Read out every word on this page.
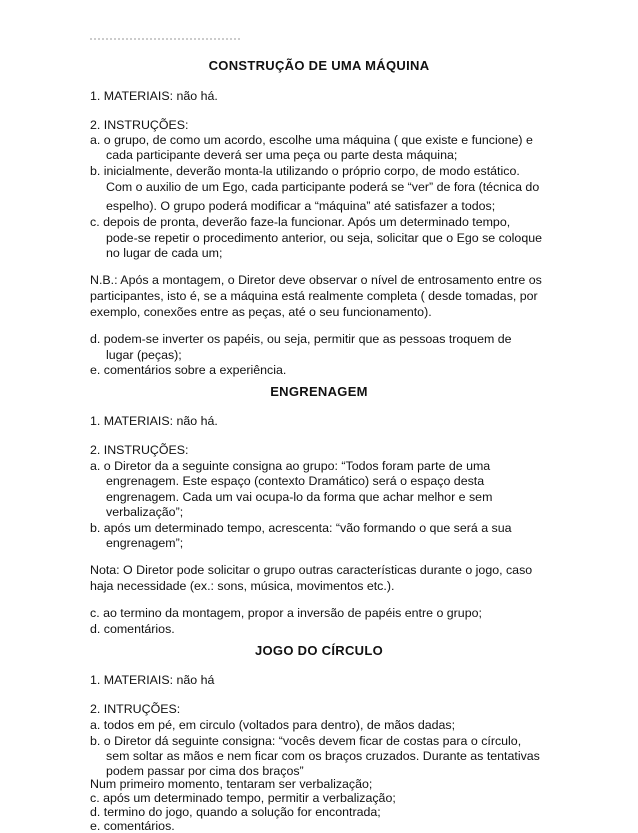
CONSTRUÇÃO DE UMA MÁQUINA
1. MATERIAIS: não há.
2. INSTRUÇÕES:
a. o grupo, de como um acordo, escolhe uma máquina ( que existe e funcione) e
cada participante deverá ser uma peça ou parte desta máquina;
b. inicialmente, deverão monta-la utilizando o próprio corpo, de modo estático.
Com o auxilio de um Ego, cada participante poderá se “ver” de fora (técnica do
espelho). O grupo poderá modificar a “máquina” até satisfazer a todos;
c. depois de pronta, deverão faze-la funcionar. Após um determinado tempo,
pode-se repetir o procedimento anterior, ou seja, solicitar que o Ego se coloque
no lugar de cada um;
N.B.: Após a montagem, o Diretor deve observar o nível de entrosamento entre os
participantes, isto é, se a máquina está realmente completa ( desde tomadas, por
exemplo, conexões entre as peças, até o seu funcionamento).
d. podem-se inverter os papéis, ou seja, permitir que as pessoas troquem de
lugar (peças);
e. comentários sobre a experiência.
ENGRENAGEM
1. MATERIAIS: não há.
2. INSTRUÇÕES:
a. o Diretor da a seguinte consigna ao grupo: “Todos foram parte de uma
engrenagem. Este espaço (contexto Dramático) será o espaço desta
engrenagem. Cada um vai ocupa-lo da forma que achar melhor e sem
verbalização”;
b. após um determinado tempo, acrescenta: “vão formando o que será a sua
engrenagem”;
Nota: O Diretor pode solicitar o grupo outras características durante o jogo, caso
haja necessidade (ex.: sons, música, movimentos etc.).
c. ao termino da montagem, propor a inversão de papéis entre o grupo;
d. comentários.
JOGO DO CÍRCULO
1. MATERIAIS: não há
2. INTRUÇÕES:
a. todos em pé, em circulo (voltados para dentro), de mãos dadas;
b. o Diretor dá seguinte consigna: “vocês devem ficar de costas para o círculo,
sem soltar as mãos e nem ficar com os braços cruzados. Durante as tentativas
podem passar por cima dos braços”
Num primeiro momento, tentaram ser verbalização;
c. após um determinado tempo, permitir a verbalização;
d. termino do jogo, quando a solução for encontrada;
e. comentários.
